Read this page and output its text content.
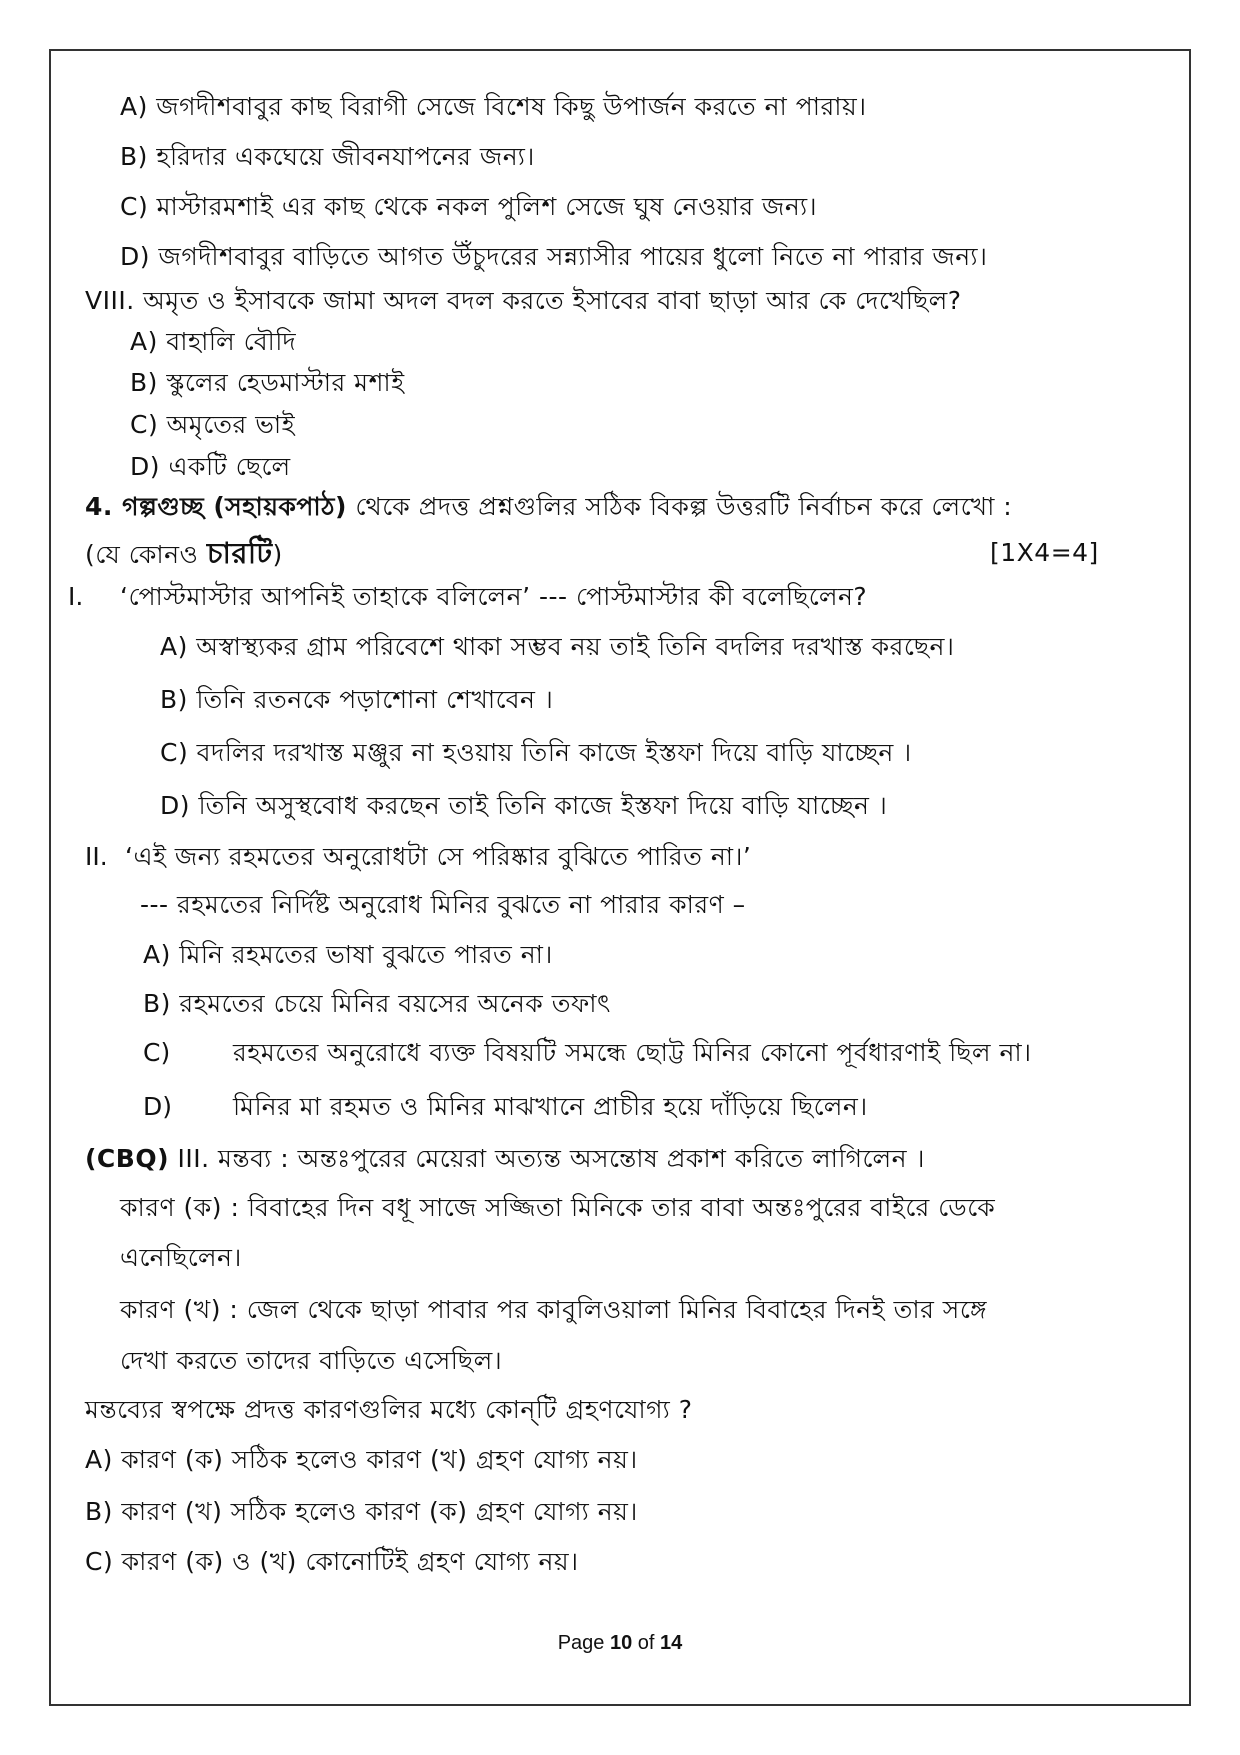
A) জগদীশবাবুর কাছ বিরাগী সেজে বিশেষ কিছু উপার্জন করতে না পারায়।
B) হরিদার একঘেয়ে জীবনযাপনের জন্য।
C) মাস্টারমশাই এর কাছ থেকে নকল পুলিশ সেজে ঘুষ নেওয়ার জন্য।
D) জগদীশবাবুর বাড়িতে আগত উঁচুদরের সন্ন্যাসীর পায়ের ধুলো নিতে না পারার জন্য।
VIII. অমৃত ও ইসাবকে জামা অদল বদল করতে ইসাবের বাবা ছাড়া আর কে দেখেছিল?
A) বাহালি বৌদি
B) স্কুলের হেডমাস্টার মশাই
C) অমৃতের ভাই
D) একটি ছেলে
4. গল্পগুচ্ছ (সহায়কপাঠ) থেকে প্রদত্ত প্রশ্নগুলির সঠিক বিকল্প উত্তরটি নির্বাচন করে লেখো :
(যে কোনও চারটি)	[1X4=4]
I. ‘পোস্টমাস্টার আপনিই তাহাকে বলিলেন’ --- পোস্টমাস্টার কী বলেছিলেন?
A) অস্বাস্থ্যকর গ্রাম পরিবেশে থাকা সম্ভব নয় তাই তিনি বদলির দরখাস্ত করছেন।
B) তিনি রতনকে পড়াশোনা শেখাবেন ।
C) বদলির দরখাস্ত মঞ্জুর না হওয়ায় তিনি কাজে ইস্তফা দিয়ে বাড়ি যাচ্ছেন ।
D) তিনি অসুস্থবোধ করছেন তাই তিনি কাজে ইস্তফা দিয়ে বাড়ি যাচ্ছেন ।
II. ‘এই জন্য রহমতের অনুরোধটা সে পরিষ্কার বুঝিতে পারিত না।’
--- রহমতের নির্দিষ্ট অনুরোধ মিনির বুঝতে না পারার কারণ –
A) মিনি রহমতের ভাষা বুঝতে পারত না।
B) রহমতের চেয়ে মিনির বয়সের অনেক তফাৎ
C)	রহমতের অনুরোধে ব্যক্ত বিষয়টি সমন্ধে ছোট্ট মিনির কোনো পূর্বধারণাই ছিল না।
D) মিনির মা রহমত ও মিনির মাঝখানে প্রাচীর হয়ে দাঁড়িয়ে ছিলেন।
(CBQ) III. মন্তব্য : অন্তঃপুরের মেয়েরা অত্যন্ত অসন্তোষ প্রকাশ করিতে লাগিলেন ।
কারণ (ক) : বিবাহের দিন বধূ সাজে সজ্জিতা মিনিকে তার বাবা অন্তঃপুরের বাইরে ডেকে
এনেছিলেন।
কারণ (খ) : জেল থেকে ছাড়া পাবার পর কাবুলিওয়ালা মিনির বিবাহের দিনই তার সঙ্গে
দেখা করতে তাদের বাড়িতে এসেছিল।
মন্তব্যের স্বপক্ষে প্রদত্ত কারণগুলির মধ্যে কোন্‌টি গ্রহণযোগ্য ?
A) কারণ (ক) সঠিক হলেও কারণ (খ) গ্রহণ যোগ্য নয়।
B) কারণ (খ) সঠিক হলেও কারণ (ক) গ্রহণ যোগ্য নয়।
C) কারণ (ক) ও (খ) কোনোটিই গ্রহণ যোগ্য নয়।
Page 10 of 14
